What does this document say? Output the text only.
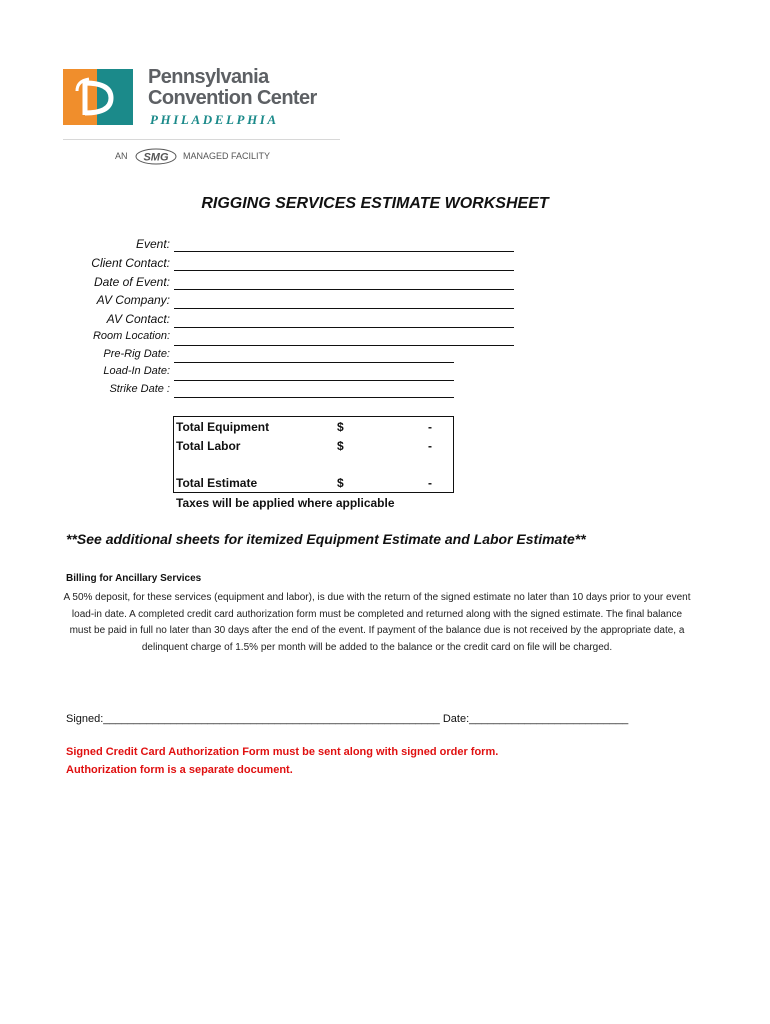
Pennsylvania
Convention Center
PHILADELPHIA
AN SMG MANAGED FACILITY
RIGGING SERVICES ESTIMATE WORKSHEET
Event:
Client Contact:
Date of Event:
AV Company:
AV Contact:
Room Location:
Pre-Rig Date:
Load-In Date:
Strike Date :
Total Equipment	$	-
Total Labor	$	-
Total Estimate	$	-
Taxes will be applied where applicable
**See additional sheets for itemized Equipment Estimate and Labor Estimate**
Billing for Ancillary Services
A 50% deposit, for these services (equipment and labor), is due with the return of the signed estimate no later than 10 days prior to your event load-in date. A completed credit card authorization form must be completed and returned along with the signed estimate. The final balance must be paid in full no later than 30 days after the end of the event. If payment of the balance due is not received by the appropriate date, a delinquent charge of 1.5% per month will be added to the balance or the credit card on file will be charged.
Signed:_______________________________________________________ Date:__________________________
Signed Credit Card Authorization Form must be sent along with signed order form.
Authorization form is a separate document.
